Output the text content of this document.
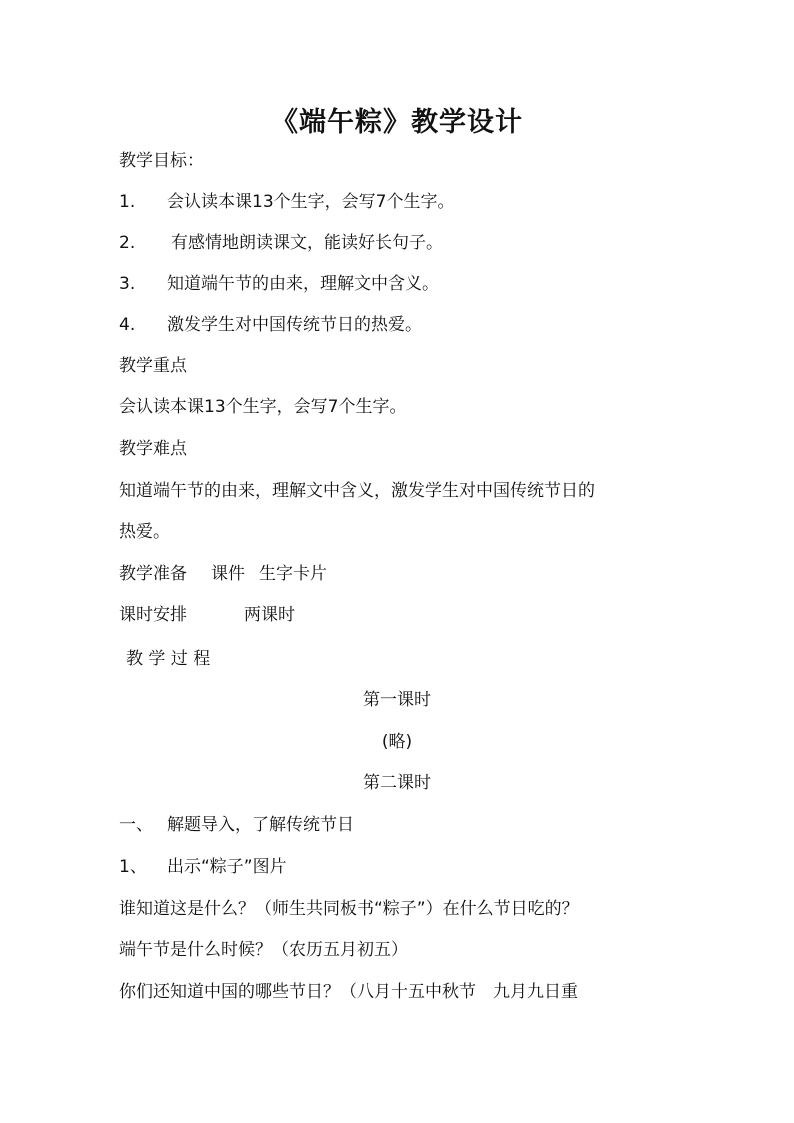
《端午粽》教学设计
教学目标：
1. 会认读本课13个生字，会写7个生字。
2. 有感情地朗读课文，能读好长句子。
3. 知道端午节的由来，理解文中含义。
4. 激发学生对中国传统节日的热爱。
教学重点
会认读本课13个生字，会写7个生字。
教学难点
知道端午节的由来，理解文中含义，激发学生对中国传统节日的
热爱。
教学准备 课件 生字卡片
课时安排	两课时
教 学 过 程
第一课时
(略)
第二课时
一、 解题导入，了解传统节日
1、 出示“粽子”图片
谁知道这是什么？（师生共同板书“粽子”）在什么节日吃的？
端午节是什么时候？（农历五月初五）
你们还知道中国的哪些节日？（八月十五中秋节　九月九日重
